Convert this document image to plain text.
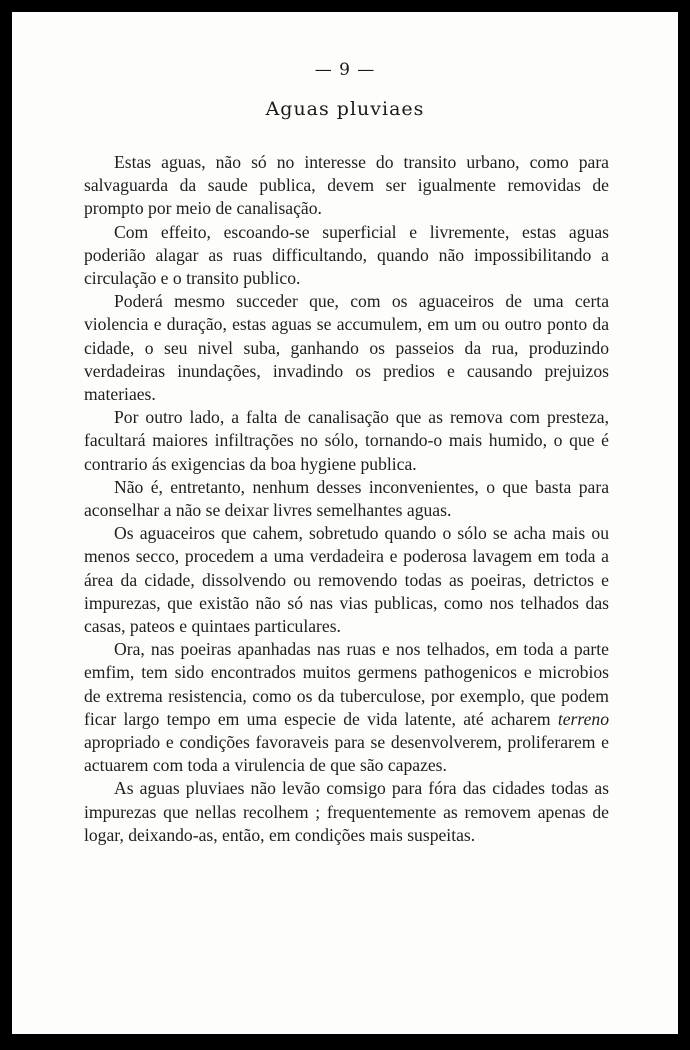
— 9 —
Aguas pluviaes

Estas aguas, não só no interesse do transito urbano, como para salvaguarda da saude publica, devem ser igualmente removidas de prompto por meio de canalisação.

Com effeito, escoando-se superficial e livremente, estas aguas poderião alagar as ruas difficultando, quando não impossibilitando a circulação e o transito publico.

Poderá mesmo succeder que, com os aguaceiros de uma certa violencia e duração, estas aguas se accumulem, em um ou outro ponto da cidade, o seu nivel suba, ganhando os passeios da rua, produzindo verdadeiras inundações, invadindo os predios e causando prejuizos materiaes.

Por outro lado, a falta de canalisação que as remova com presteza, facultará maiores infiltrações no sólo, tornando-o mais humido, o que é contrario ás exigencias da boa hygiene publica.

Não é, entretanto, nenhum desses inconvenientes, o que basta para aconselhar a não se deixar livres semelhantes aguas.

Os aguaceiros que cahem, sobretudo quando o sólo se acha mais ou menos secco, procedem a uma verdadeira e poderosa lavagem em toda a área da cidade, dissolvendo ou removendo todas as poeiras, detrictos e impurezas, que existão não só nas vias publicas, como nos telhados das casas, pateos e quintaes particulares.

Ora, nas poeiras apanhadas nas ruas e nos telhados, em toda a parte emfim, tem sido encontrados muitos germens pathogenicos e microbios de extrema resistencia, como os da tuberculose, por exemplo, que podem ficar largo tempo em uma especie de vida latente, até acharem terreno apropriado e condições favoraveis para se desenvolverem, proliferarem e actuarem com toda a virulencia de que são capazes.

As aguas pluviaes não levão comsigo para fóra das cidades todas as impurezas que nellas recolhem ; frequentemente as removem apenas de logar, deixando-as, então, em condições mais suspeitas.
